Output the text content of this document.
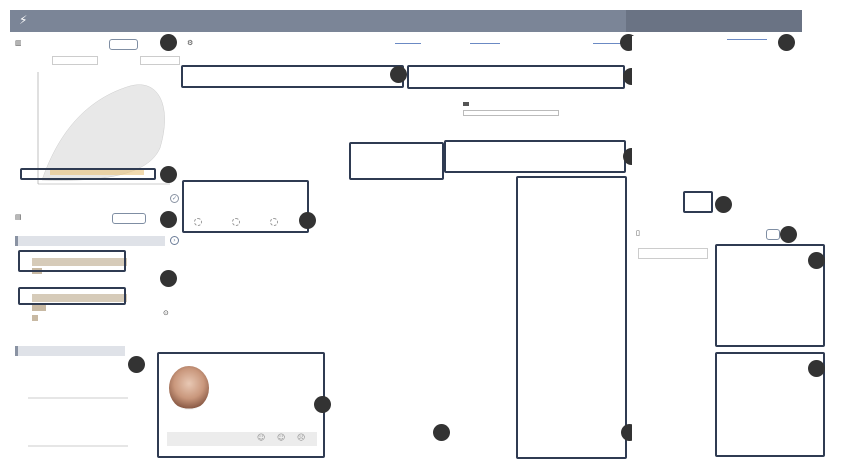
⚡
▥
✓
▤
›
⊙
⚙
☺ ☺ ☹
▯
